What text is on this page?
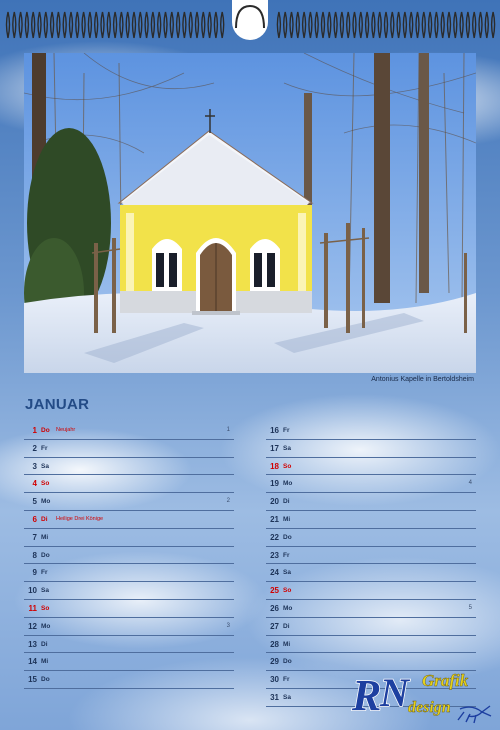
Antonius Kapelle in Bertoldsheim
JANUAR
1 Do Neujahr	1
2 Fr
3 Sa
4 So
5 Mo	2
6 Di Heilige Drei Könige
7 Mi
8 Do
9 Fr
10 Sa
11 So
12 Mo	3
13 Di
14 Mi
15 Do
16 Fr
17 Sa
18 So
19 Mo	4
20 Di
21 Mi
22 Do
23 Fr
24 Sa
25 So
26 Mo	5
27 Di
28 Mi
29 Do
30 Fr
31 Sa R
N Grafik
design
